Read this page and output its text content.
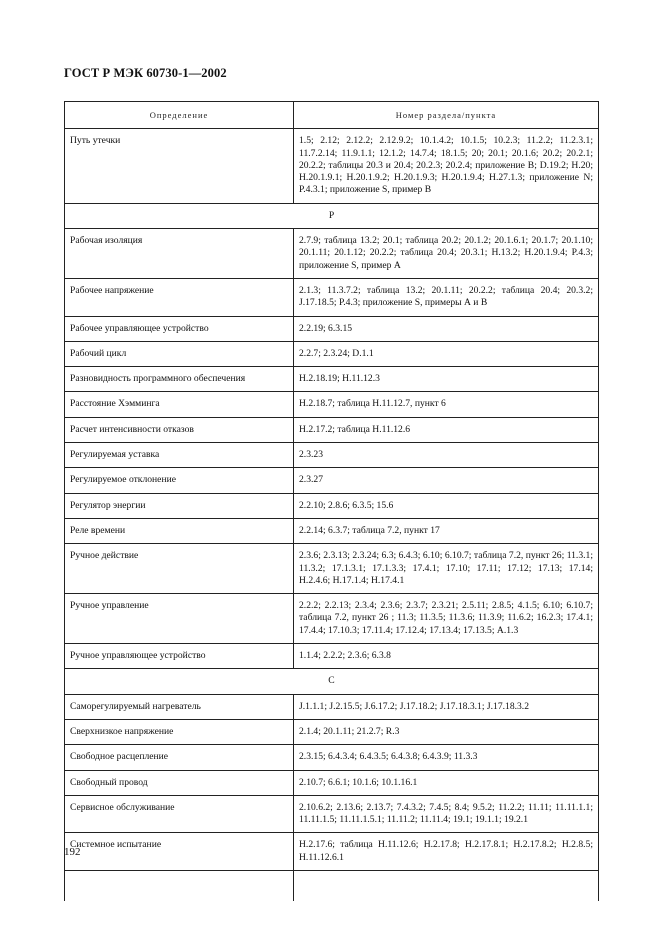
ГОСТ Р МЭК 60730-1—2002
Определение	Номер раздела/пункта
Путь утечки	1.5; 2.12; 2.12.2; 2.12.9.2; 10.1.4.2; 10.1.5; 10.2.3; 11.2.2; 11.2.3.1; 11.7.2.14; 11.9.1.1; 12.1.2; 14.7.4; 18.1.5; 20; 20.1; 20.1.6; 20.2; 20.2.1; 20.2.2; таблицы 20.3 и 20.4; 20.2.3; 20.2.4; приложение В; D.19.2; H.20; H.20.1.9.1; H.20.1.9.2; H.20.1.9.3; H.20.1.9.4; H.27.1.3; приложение N; P.4.3.1; приложение S, пример В
Р	
Рабочая изоляция	2.7.9; таблица 13.2; 20.1; таблица 20.2; 20.1.2; 20.1.6.1; 20.1.7; 20.1.10; 20.1.11; 20.1.12; 20.2.2; таблица 20.4; 20.3.1; H.13.2; H.20.1.9.4; P.4.3; приложение S, пример А
Рабочее напряжение	2.1.3; 11.3.7.2; таблица 13.2; 20.1.11; 20.2.2; таблица 20.4; 20.3.2; J.17.18.5; P.4.3; приложение S, примеры А и В
Рабочее управляющее устройство	2.2.19; 6.3.15
Рабочий цикл	2.2.7; 2.3.24; D.1.1
Разновидность программного обеспечения	H.2.18.19; H.11.12.3
Расстояние Хэмминга	H.2.18.7; таблица H.11.12.7, пункт 6
Расчет интенсивности отказов	H.2.17.2; таблица H.11.12.6
Регулируемая уставка	2.3.23
Регулируемое отклонение	2.3.27
Регулятор энергии	2.2.10; 2.8.6; 6.3.5; 15.6
Реле времени	2.2.14; 6.3.7; таблица 7.2, пункт 17
Ручное действие	2.3.6; 2.3.13; 2.3.24; 6.3; 6.4.3; 6.10; 6.10.7; таблица 7.2, пункт 26; 11.3.1; 11.3.2; 17.1.3.1; 17.1.3.3; 17.4.1; 17.10; 17.11; 17.12; 17.13; 17.14; H.2.4.6; H.17.1.4; H.17.4.1
Ручное управление	2.2.2; 2.2.13; 2.3.4; 2.3.6; 2.3.7; 2.3.21; 2.5.11; 2.8.5; 4.1.5; 6.10; 6.10.7; таблица 7.2, пункт 26 ; 11.3; 11.3.5; 11.3.6; 11.3.9; 11.6.2; 16.2.3; 17.4.1; 17.4.4; 17.10.3; 17.11.4; 17.12.4; 17.13.4; 17.13.5; A.1.3
Ручное управляющее устройство	1.1.4; 2.2.2; 2.3.6; 6.3.8
С	
Саморегулируемый нагреватель	J.1.1.1; J.2.15.5; J.6.17.2; J.17.18.2; J.17.18.3.1; J.17.18.3.2
Сверхнизкое напряжение	2.1.4; 20.1.11; 21.2.7; R.3
Свободное расцепление	2.3.15; 6.4.3.4; 6.4.3.5; 6.4.3.8; 6.4.3.9; 11.3.3
Свободный провод	2.10.7; 6.6.1; 10.1.6; 10.1.16.1
Сервисное обслуживание	2.10.6.2; 2.13.6; 2.13.7; 7.4.3.2; 7.4.5; 8.4; 9.5.2; 11.2.2; 11.11; 11.11.1.1; 11.11.1.5; 11.11.1.5.1; 11.11.2; 11.11.4; 19.1; 19.1.1; 19.2.1
Системное испытание	H.2.17.6; таблица H.11.12.6; H.2.17.8; H.2.17.8.1; H.2.17.8.2; H.2.8.5; H.11.12.6.1

192
